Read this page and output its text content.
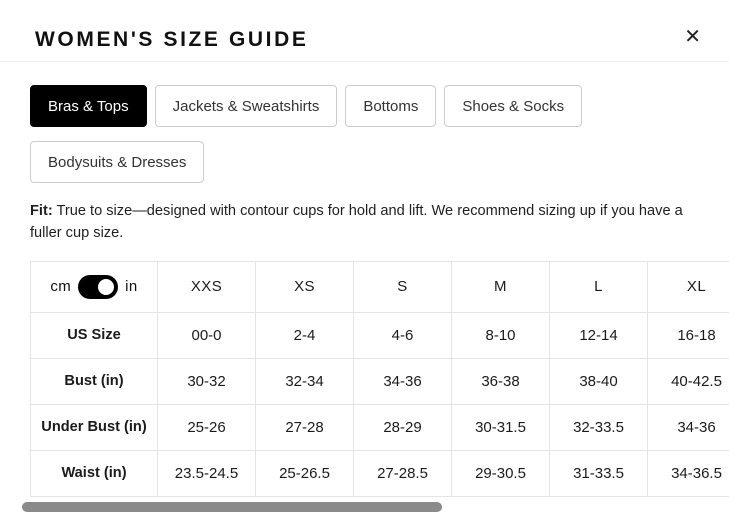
WOMEN'S SIZE GUIDE	✕
Bras & Tops	Jackets & Sweatshirts	Bottoms	Shoes & Socks
Bodysuits & Dresses

Fit: True to size—designed with contour cups for hold and lift. We recommend sizing up if you have a fuller cup size.

cm in	XXS	XS	S	M	L	XL
US Size	00-0	2-4	4-6	8-10	12-14	16-18
Bust (in)	30-32	32-34	34-36	36-38	38-40	40-42.5
Under Bust (in)	25-26	27-28	28-29	30-31.5	32-33.5	34-36
Waist (in)	23.5-24.5	25-26.5	27-28.5	29-30.5	31-33.5	34-36.5
